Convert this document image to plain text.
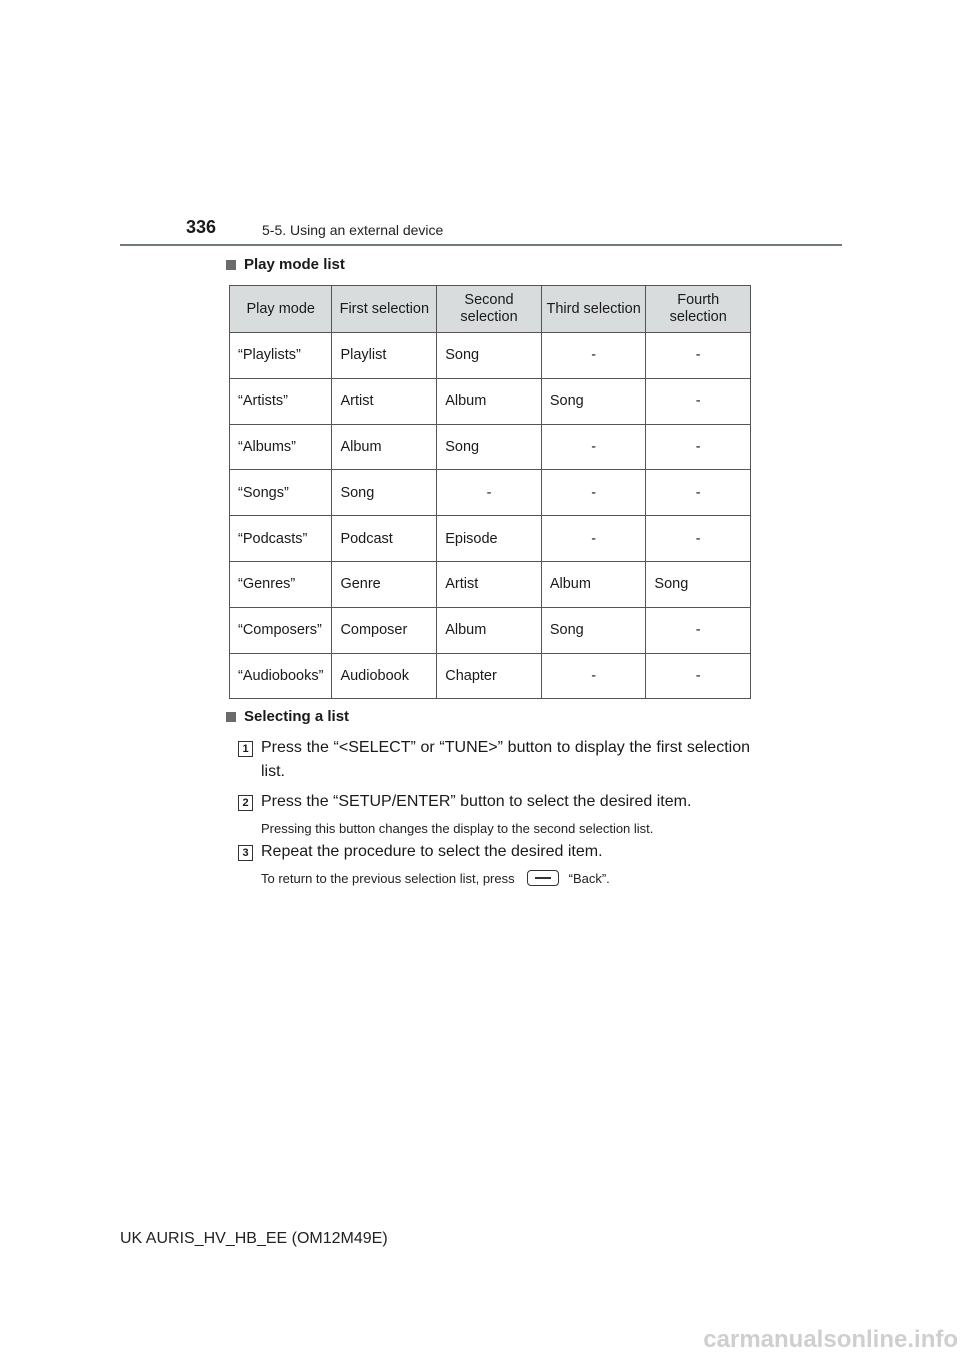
336	5-5. Using an external device
Play mode list
Play mode	First selection	Second selection	Third selection	Fourth selection
“Playlists”	Playlist	Song	-	-
“Artists”	Artist	Album	Song	-
“Albums”	Album	Song	-	-
“Songs”	Song	-	-	-
“Podcasts”	Podcast	Episode	-	-
“Genres”	Genre	Artist	Album	Song
“Composers”	Composer	Album	Song	-
“Audiobooks”	Audiobook	Chapter	-	-
Selecting a list
1 Press the “<SELECT” or “TUNE>” button to display the first selection list.
2 Press the “SETUP/ENTER” button to select the desired item.
Pressing this button changes the display to the second selection list.
3 Repeat the procedure to select the desired item.
To return to the previous selection list, press	“Back”.
UK AURIS_HV_HB_EE (OM12M49E)
carmanualsonline.info
